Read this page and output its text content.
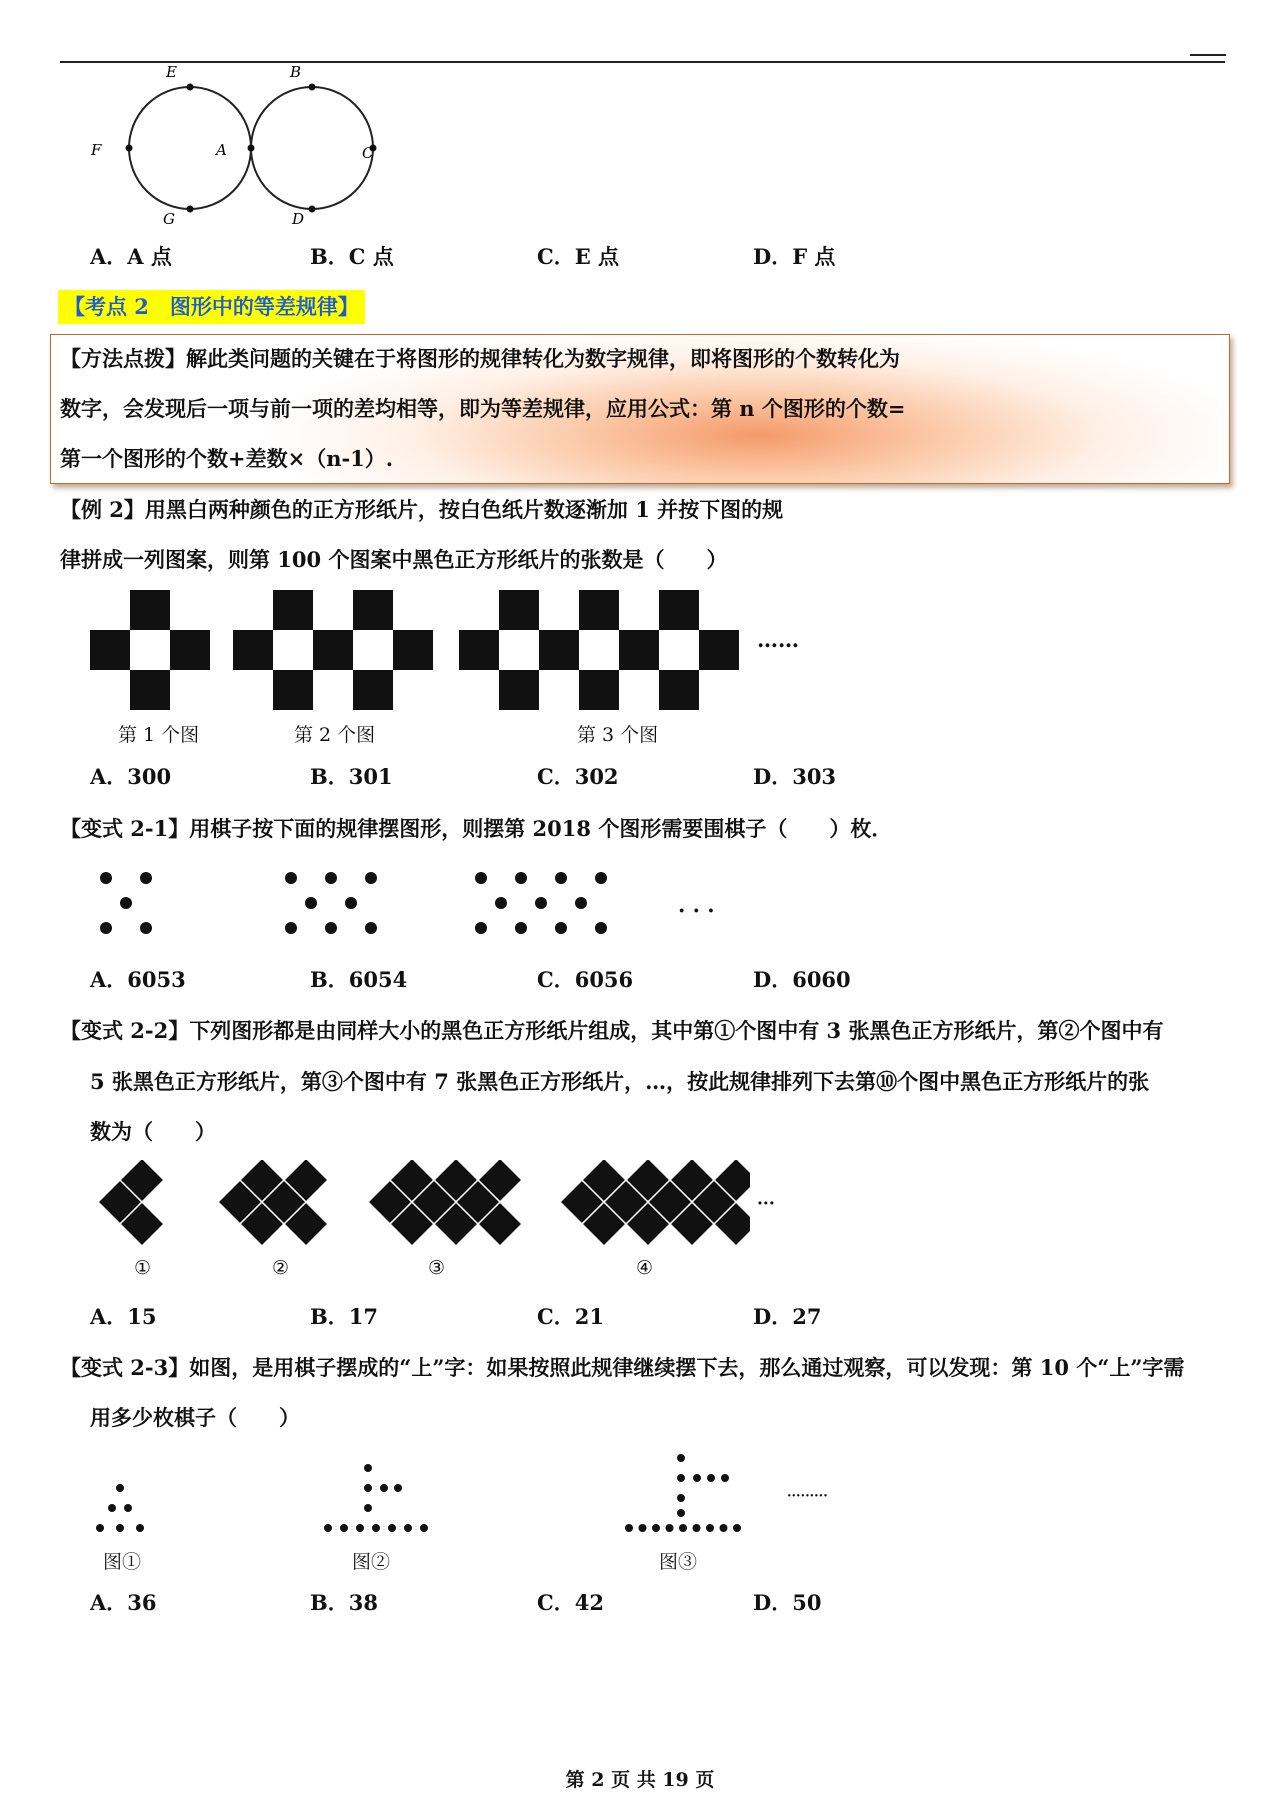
E	B
F	A	C
G	D
A．A 点	B．C 点	C．E 点	D．F 点
【考点 2　图形中的等差规律】
【方法点拨】解此类问题的关键在于将图形的规律转化为数字规律，即将图形的个数转化为
数字，会发现后一项与前一项的差均相等，即为等差规律，应用公式：第 n 个图形的个数=
第一个图形的个数+差数×（n-1）.
【例 2】用黑白两种颜色的正方形纸片，按白色纸片数逐渐加 1 并按下图的规
律拼成一列图案，则第 100 个图案中黑色正方形纸片的张数是（　　）
……
第 1 个图	第 2 个图	第 3 个图
A．300	B．301	C．302	D．303
【变式 2-1】用棋子按下面的规律摆图形，则摆第 2018 个图形需要围棋子（　　）枚．
· · ·
A．6053	B．6054	C．6056	D．6060
【变式 2-2】下列图形都是由同样大小的黑色正方形纸片组成，其中第①个图中有 3 张黑色正方形纸片，第②个图中有
5 张黑色正方形纸片，第③个图中有 7 张黑色正方形纸片，…，按此规律排列下去第⑩个图中黑色正方形纸片的张
数为（　　）
···
①	②	③	④
A．15	B．17	C．21	D．27
【变式 2-3】如图，是用棋子摆成的“上”字：如果按照此规律继续摆下去，那么通过观察，可以发现：第 10 个“上”字需
用多少枚棋子（　　）
·········
图①	图②	图③
A．36	B．38	C．42	D．50
第 2 页 共 19 页
